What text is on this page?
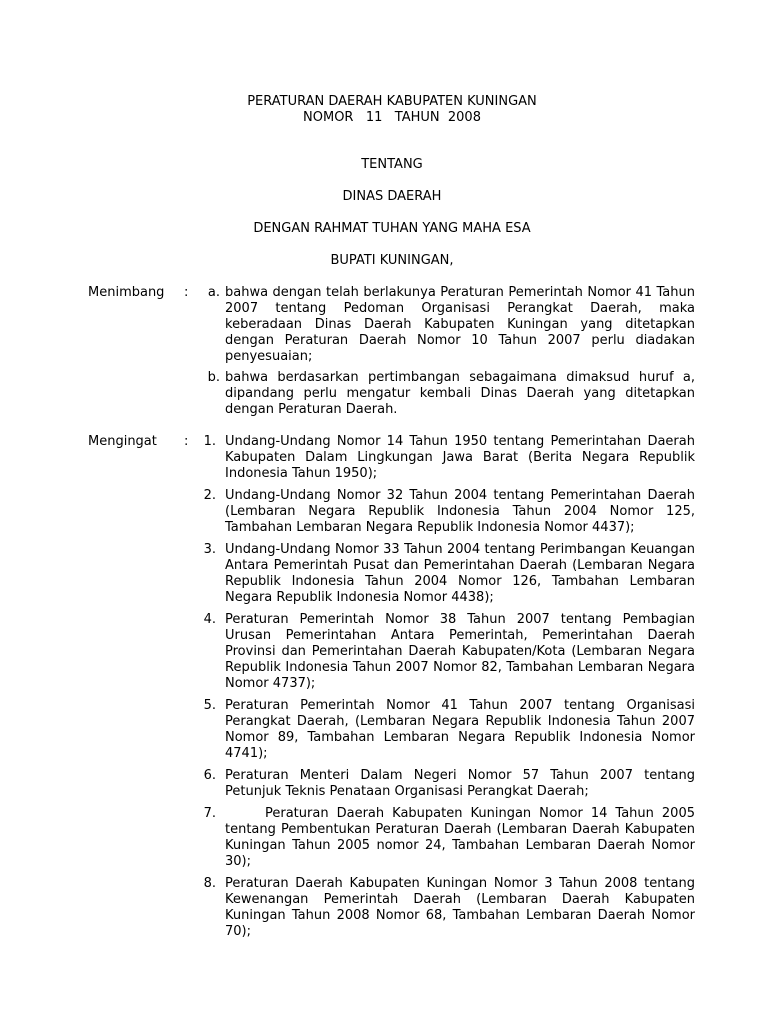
PERATURAN DAERAH KABUPATEN KUNINGAN
NOMOR   11   TAHUN  2008
TENTANG
DINAS DAERAH
DENGAN RAHMAT TUHAN YANG MAHA ESA
BUPATI KUNINGAN,
Menimbang :	a. bahwa dengan telah berlakunya Peraturan Pemerintah Nomor 41 Tahun 2007 tentang Pedoman Organisasi Perangkat Daerah, maka keberadaan Dinas Daerah Kabupaten Kuningan yang ditetapkan dengan Peraturan Daerah Nomor 10 Tahun 2007 perlu diadakan penyesuaian;
b. bahwa berdasarkan pertimbangan sebagaimana dimaksud huruf a, dipandang perlu mengatur kembali Dinas Daerah yang ditetapkan dengan Peraturan Daerah.
Mengingat :	1. Undang-Undang Nomor 14 Tahun 1950 tentang Pemerintahan Daerah Kabupaten Dalam Lingkungan Jawa Barat (Berita Negara Republik Indonesia Tahun 1950);
2. Undang-Undang Nomor 32 Tahun 2004 tentang Pemerintahan Daerah (Lembaran Negara Republik Indonesia Tahun 2004 Nomor 125, Tambahan Lembaran Negara Republik Indonesia Nomor 4437);
3. Undang-Undang Nomor 33 Tahun 2004 tentang Perimbangan Keuangan Antara Pemerintah Pusat dan Pemerintahan Daerah (Lembaran Negara Republik Indonesia Tahun 2004 Nomor 126, Tambahan Lembaran Negara Republik Indonesia Nomor 4438);
4. Peraturan Pemerintah Nomor 38 Tahun 2007 tentang Pembagian Urusan Pemerintahan Antara Pemerintah, Pemerintahan Daerah Provinsi dan Pemerintahan Daerah Kabupaten/Kota (Lembaran Negara Republik Indonesia Tahun 2007 Nomor 82, Tambahan Lembaran Negara Nomor 4737);
5. Peraturan Pemerintah Nomor 41 Tahun 2007 tentang Organisasi Perangkat Daerah, (Lembaran Negara Republik Indonesia Tahun 2007 Nomor 89, Tambahan Lembaran Negara Republik Indonesia Nomor 4741);
6. Peraturan Menteri Dalam Negeri Nomor 57 Tahun 2007 tentang Petunjuk Teknis Penataan Organisasi Perangkat Daerah;
7.	Peraturan Daerah Kabupaten Kuningan Nomor 14 Tahun 2005 tentang Pembentukan Peraturan Daerah (Lembaran Daerah Kabupaten Kuningan Tahun 2005 nomor 24, Tambahan Lembaran Daerah Nomor 30);
8. Peraturan Daerah Kabupaten Kuningan Nomor 3 Tahun 2008 tentang Kewenangan Pemerintah Daerah (Lembaran Daerah Kabupaten Kuningan Tahun 2008 Nomor 68, Tambahan Lembaran Daerah Nomor 70);
